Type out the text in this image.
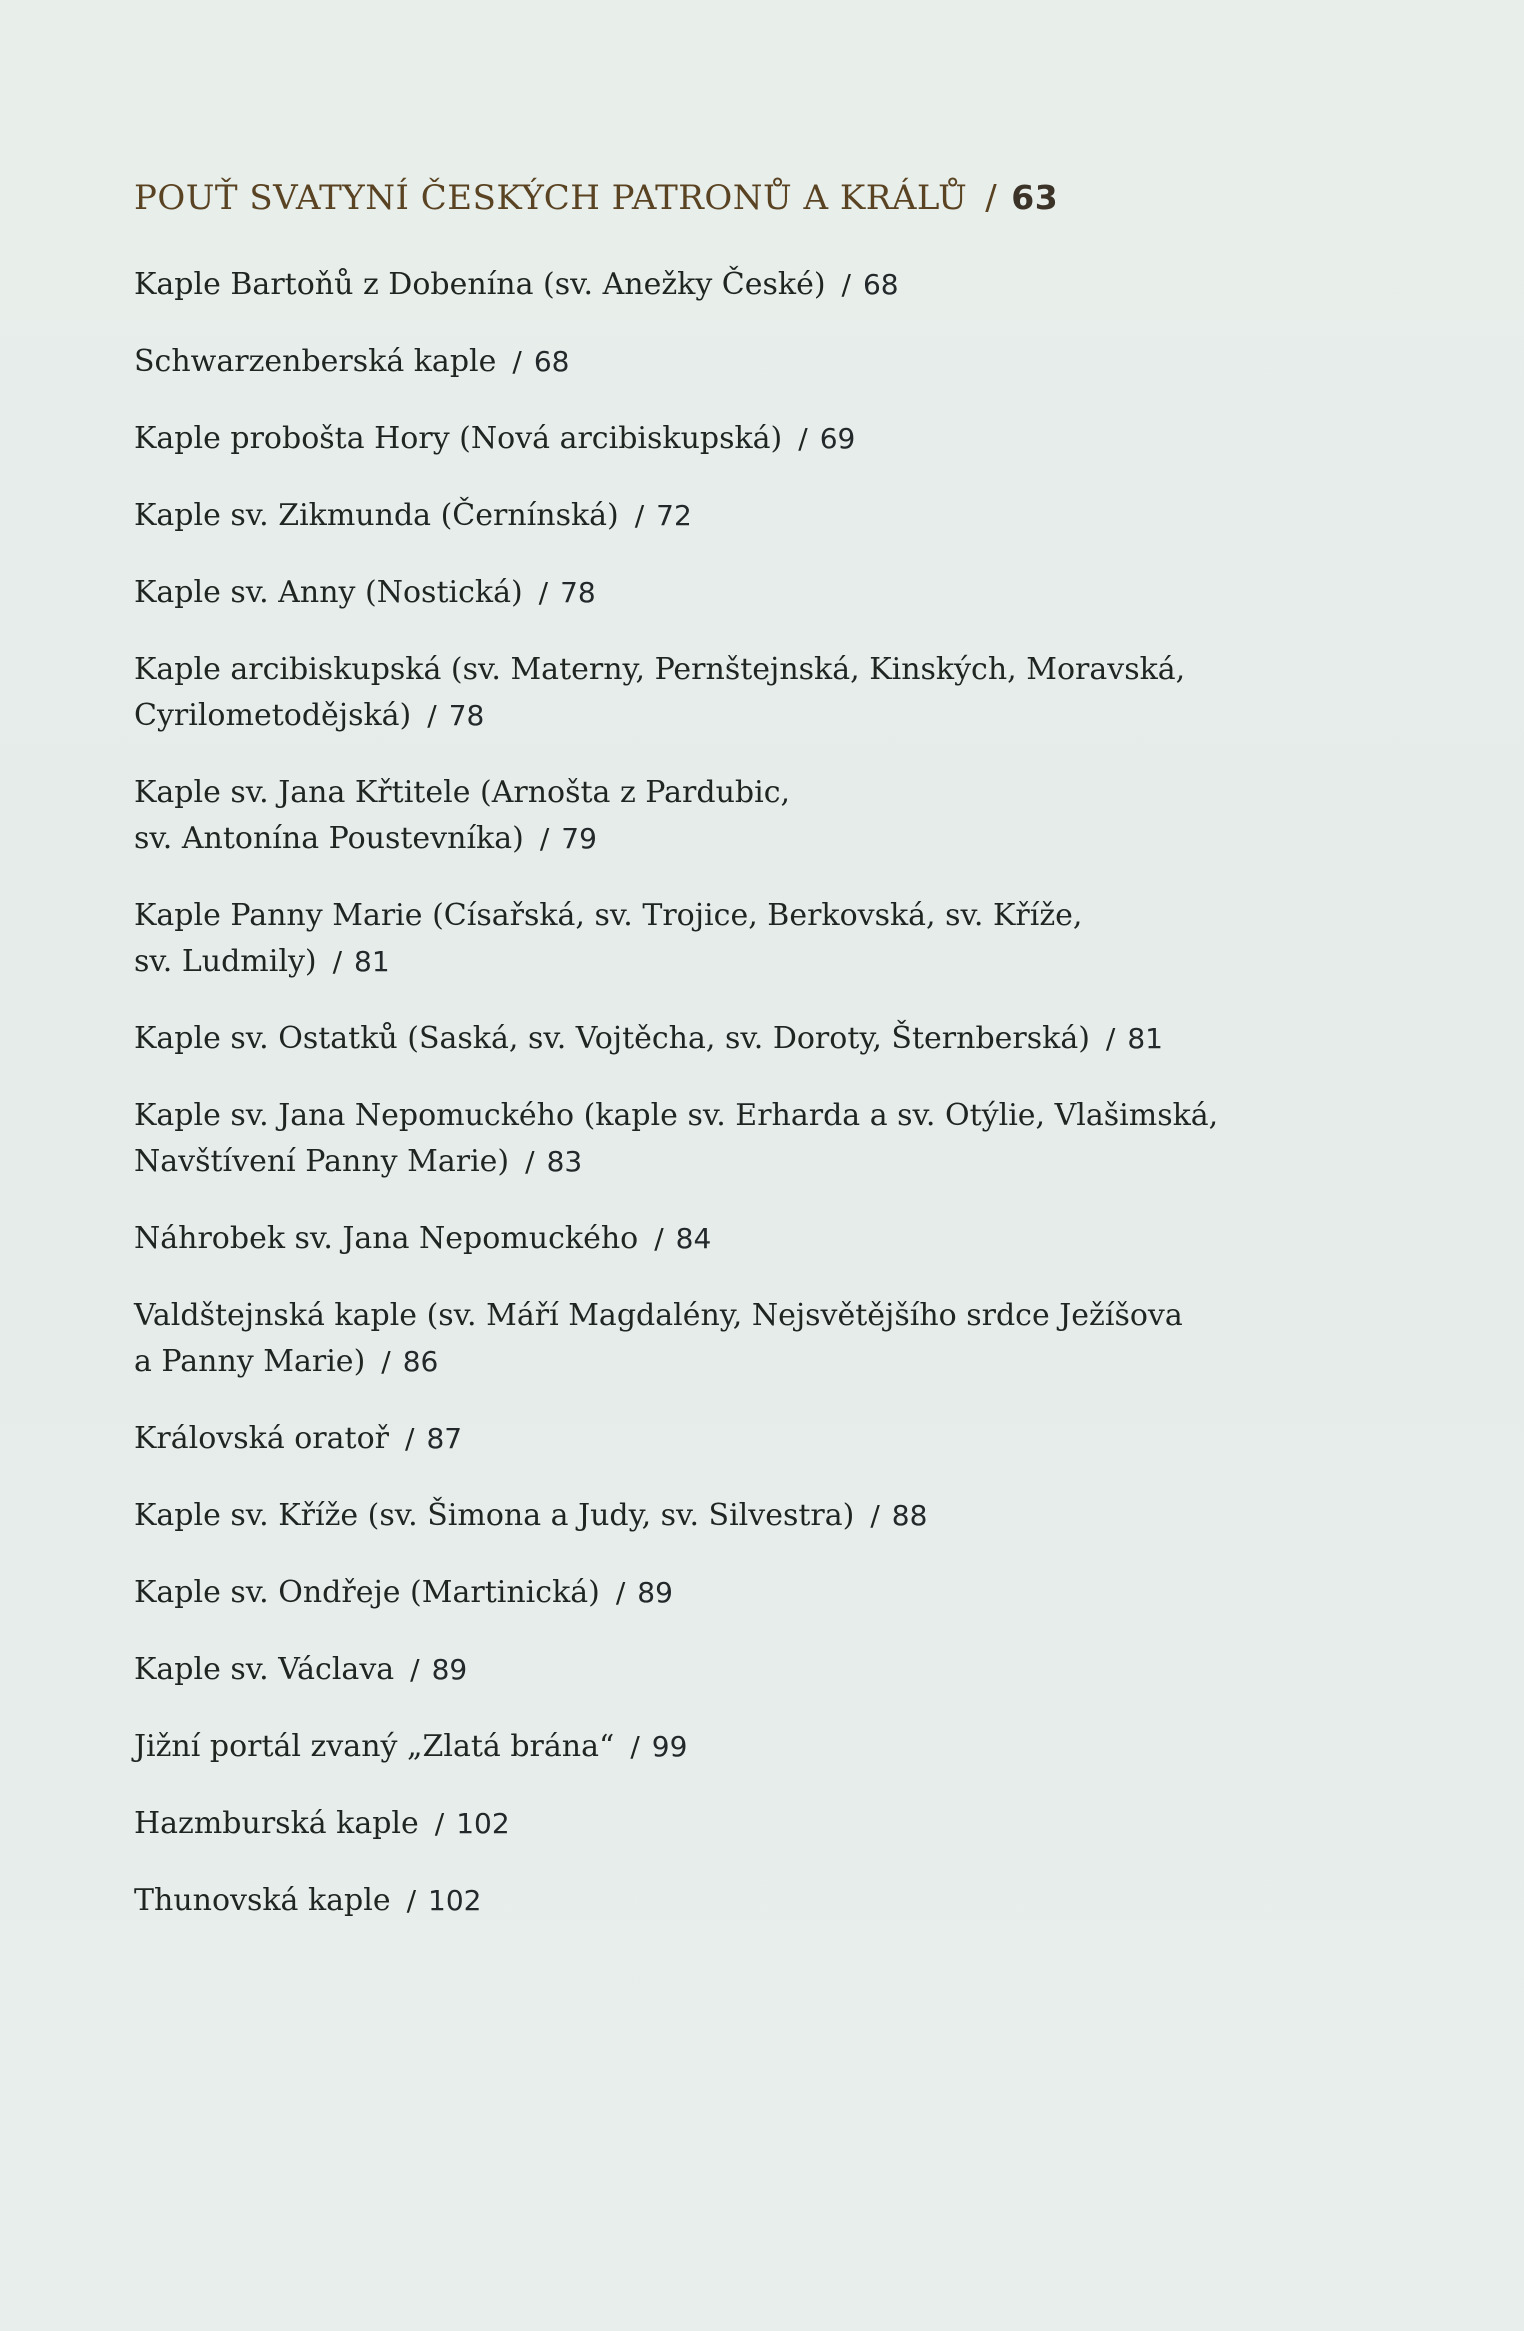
POUŤ SVATYNÍ ČESKÝCH PATRONŮ A KRÁLŮ / 63
Kaple Bartoňů z Dobenína (sv. Anežky České) / 68
Schwarzenberská kaple / 68
Kaple proboštа Hory (Nová arcibiskupská) / 69
Kaple sv. Zikmunda (Černínská) / 72
Kaple sv. Anny (Nostická) / 78
Kaple arcibiskupská (sv. Materny, Pernštejnská, Kinských, Moravská,
Cyrilometodějská) / 78
Kaple sv. Jana Křtitele (Arnošta z Pardubic,
sv. Antonína Poustevníka) / 79
Kaple Panny Marie (Císařská, sv. Trojice, Berkovská, sv. Kříže,
sv. Ludmily) / 81
Kaple sv. Ostatků (Saská, sv. Vojtěcha, sv. Doroty, Šternberská) / 81
Kaple sv. Jana Nepomuckého (kaple sv. Erharda a sv. Otýlie, Vlašimská,
Navštívení Panny Marie) / 83
Náhrobek sv. Jana Nepomuckého / 84
Valdštejnská kaple (sv. Máří Magdalény, Nejsvětějšího srdce Ježíšova
a Panny Marie) / 86
Královská oratoř / 87
Kaple sv. Kříže (sv. Šimona a Judy, sv. Silvestra) / 88
Kaple sv. Ondřeje (Martinická) / 89
Kaple sv. Václava / 89
Jižní portál zvaný „Zlatá brána“ / 99
Hazmburská kaple / 102
Thunovská kaple / 102
